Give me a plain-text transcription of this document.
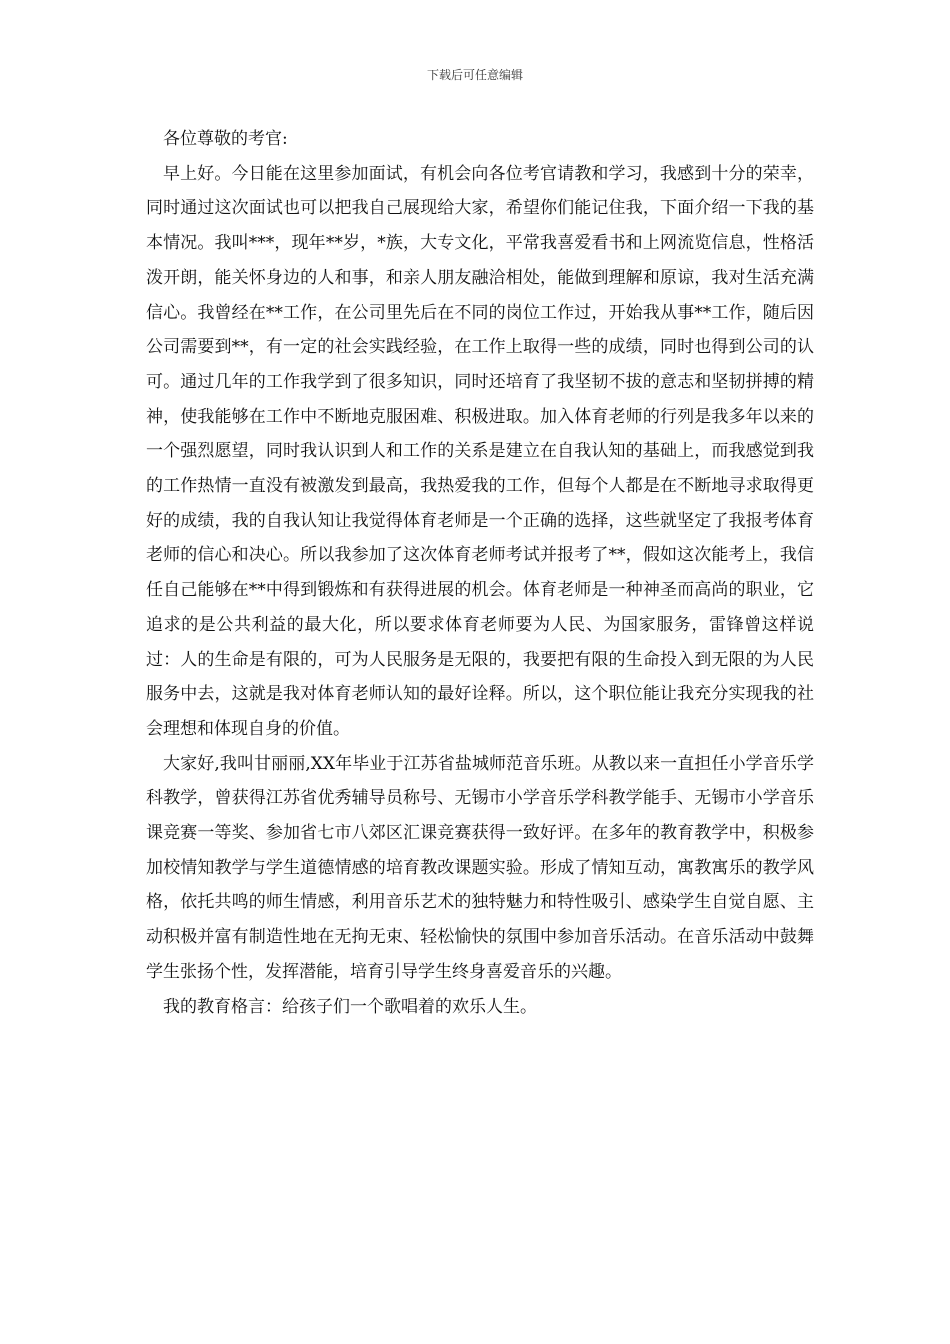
下载后可任意编辑

各位尊敬的考官:

早上好。今日能在这里参加面试，有机会向各位考官请教和学习，我感到十分的荣幸，同时通过这次面试也可以把我自己展现给大家，希望你们能记住我，下面介绍一下我的基本情况。我叫***，现年**岁，*族，大专文化，平常我喜爱看书和上网流览信息，性格活泼开朗，能关怀身边的人和事，和亲人朋友融洽相处，能做到理解和原谅，我对生活充满信心。我曾经在**工作，在公司里先后在不同的岗位工作过，开始我从事**工作，随后因公司需要到**，有一定的社会实践经验，在工作上取得一些的成绩，同时也得到公司的认可。通过几年的工作我学到了很多知识，同时还培育了我坚韧不拔的意志和坚韧拼搏的精神，使我能够在工作中不断地克服困难、积极进取。加入体育老师的行列是我多年以来的一个强烈愿望，同时我认识到人和工作的关系是建立在自我认知的基础上，而我感觉到我的工作热情一直没有被激发到最高，我热爱我的工作，但每个人都是在不断地寻求取得更好的成绩，我的自我认知让我觉得体育老师是一个正确的选择，这些就坚定了我报考体育老师的信心和决心。所以我参加了这次体育老师考试并报考了**，假如这次能考上，我信任自己能够在**中得到锻炼和有获得进展的机会。体育老师是一种神圣而高尚的职业，它追求的是公共利益的最大化，所以要求体育老师要为人民、为国家服务，雷锋曾这样说过：人的生命是有限的，可为人民服务是无限的，我要把有限的生命投入到无限的为人民服务中去，这就是我对体育老师认知的最好诠释。所以，这个职位能让我充分实现我的社会理想和体现自身的价值。

大家好,我叫甘丽丽,XX年毕业于江苏省盐城师范音乐班。从教以来一直担任小学音乐学科教学，曾获得江苏省优秀辅导员称号、无锡市小学音乐学科教学能手、无锡市小学音乐课竞赛一等奖、参加省七市八郊区汇课竞赛获得一致好评。在多年的教育教学中，积极参加校情知教学与学生道德情感的培育教改课题实验。形成了情知互动，寓教寓乐的教学风格，依托共鸣的师生情感，利用音乐艺术的独特魅力和特性吸引、感染学生自觉自愿、主动积极并富有制造性地在无拘无束、轻松愉快的氛围中参加音乐活动。在音乐活动中鼓舞学生张扬个性，发挥潜能，培育引导学生终身喜爱音乐的兴趣。

我的教育格言：给孩子们一个歌唱着的欢乐人生。
